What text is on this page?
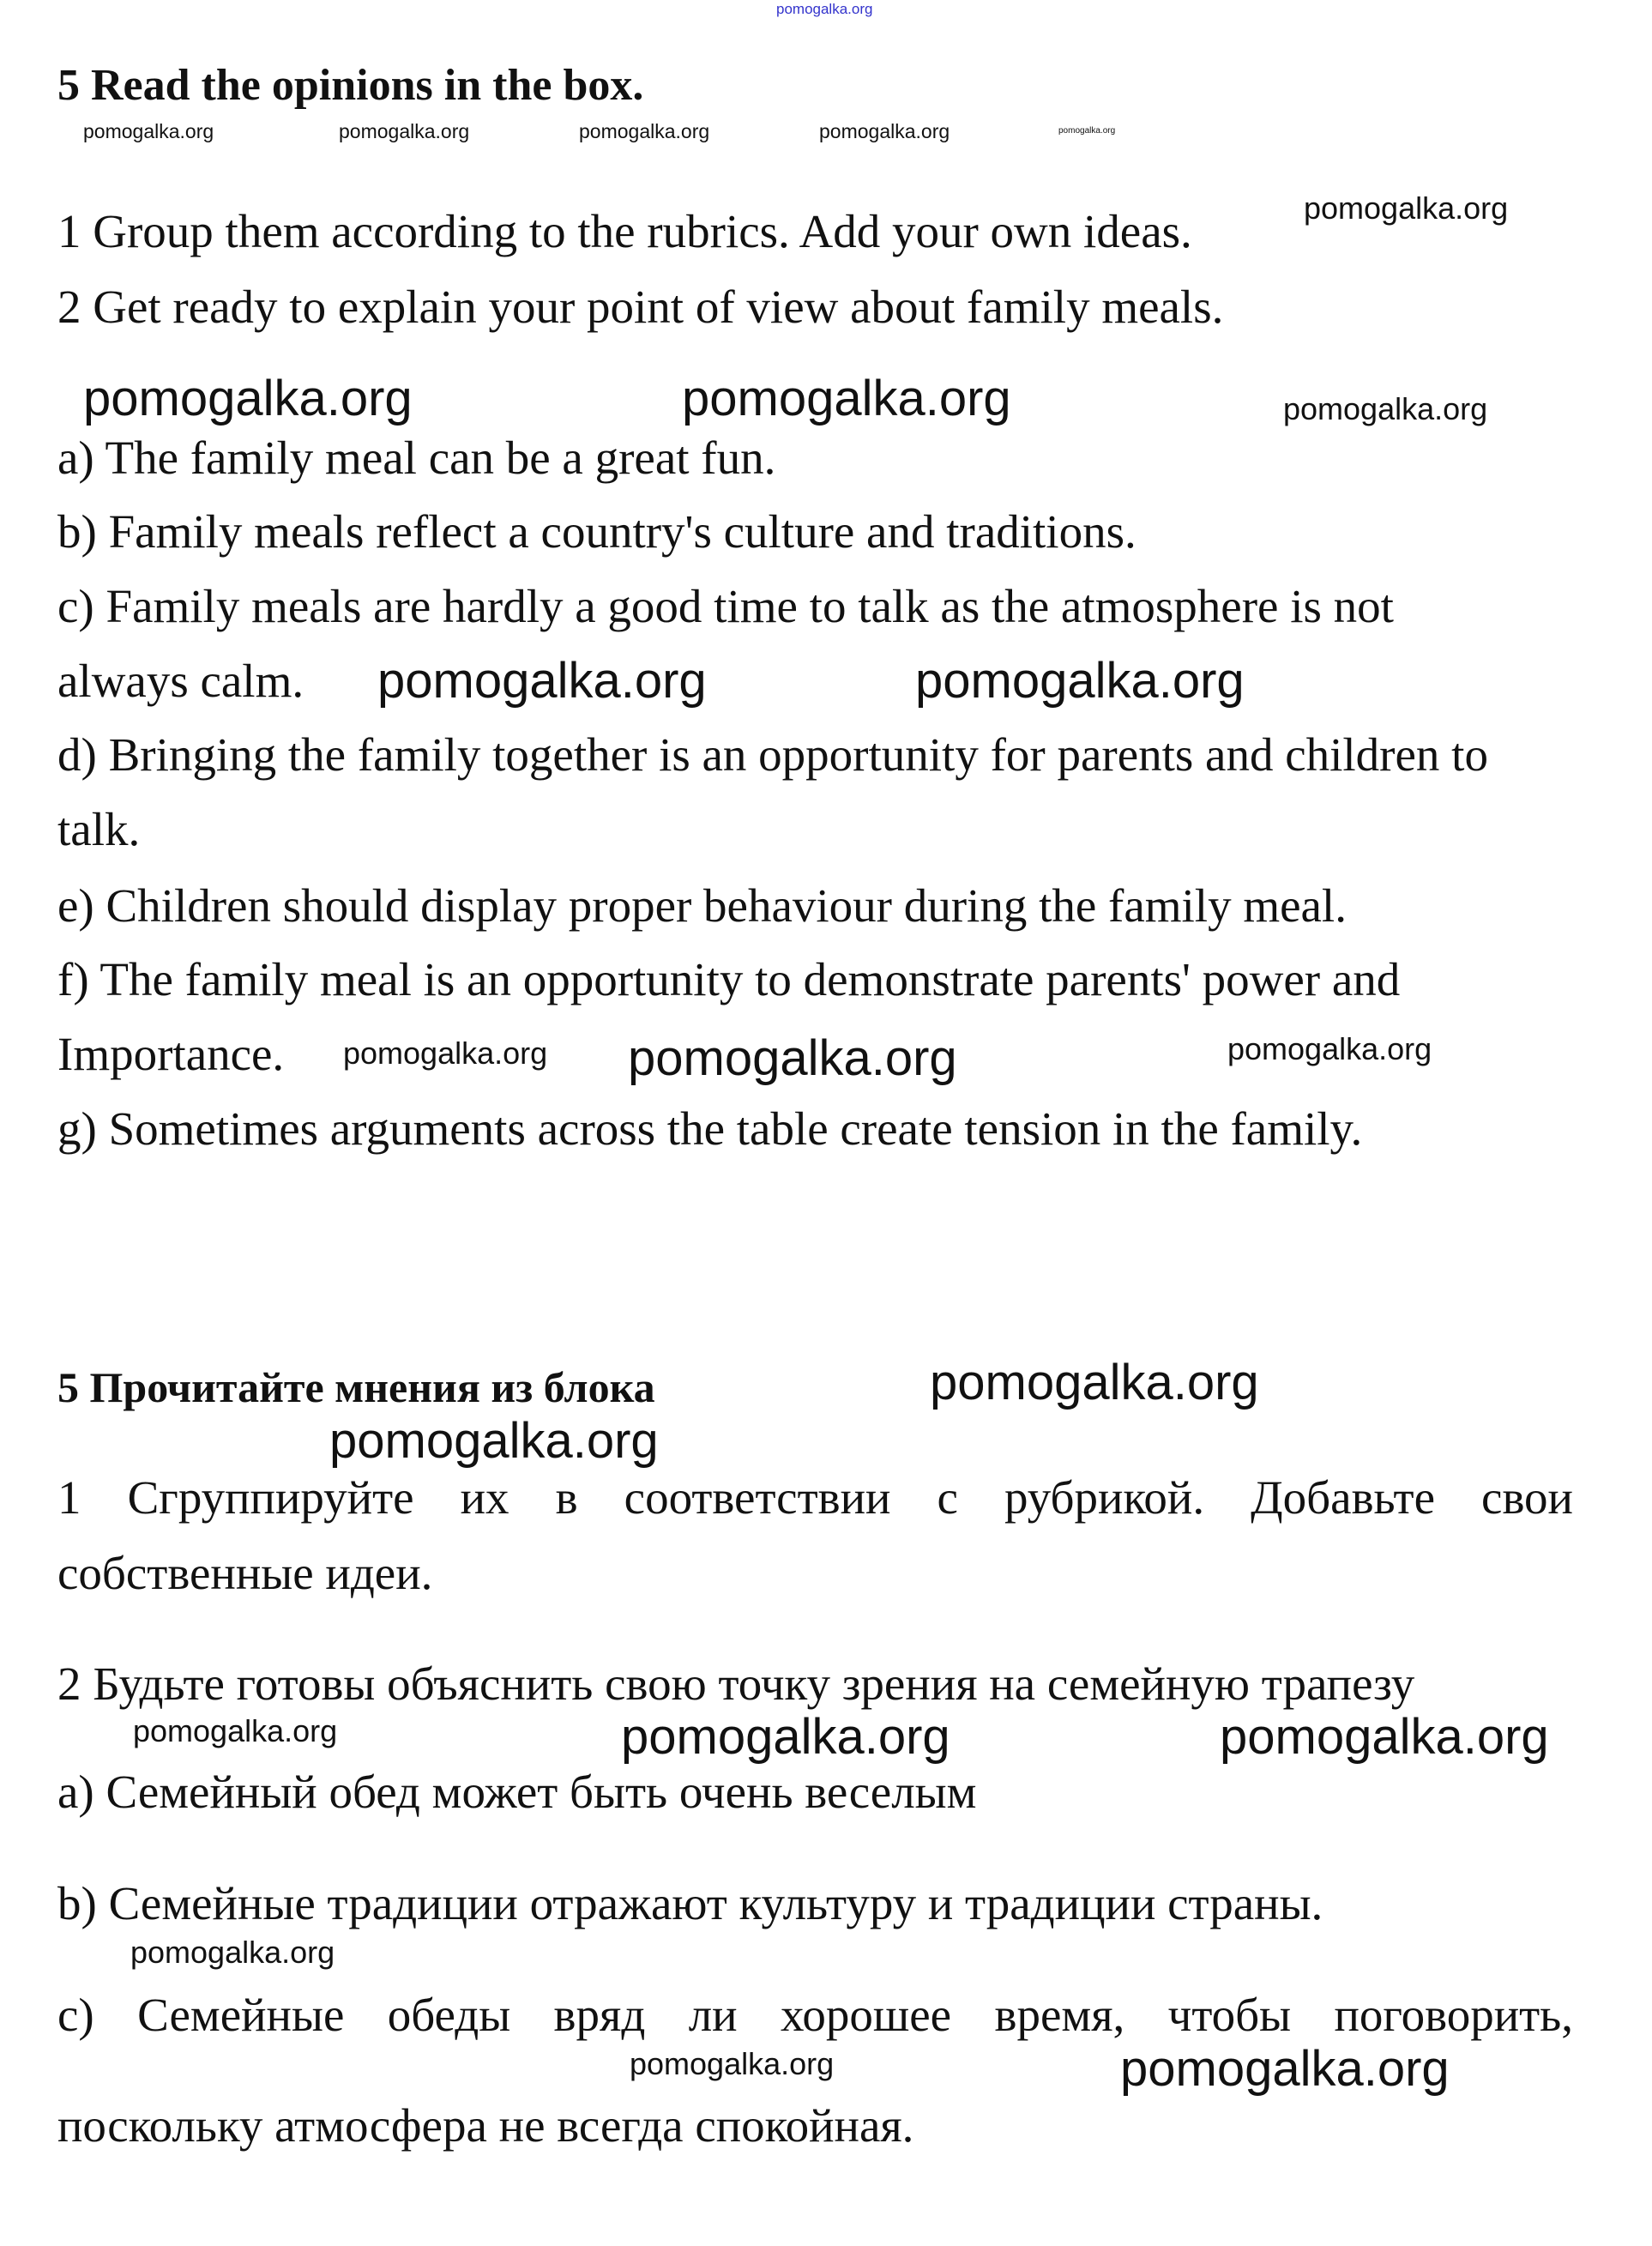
pomogalka.org
5 Read the opinions in the box.
1 Group them according to the rubrics. Add your own ideas.
2 Get ready to explain your point of view about family meals.
a) The family meal can be a great fun.
b) Family meals reflect a country's culture and traditions.
c) Family meals are hardly a good time to talk as the atmosphere is not
always calm.
d) Bringing the family together is an opportunity for parents and children to
talk.
e) Children should display proper behaviour during the family meal.
f) The family meal is an opportunity to demonstrate parents' power and
Importance.
g) Sometimes arguments across the table create tension in the family.
5 Прочитайте мнения из блока
1 Сгруппируйте их в соответствии с рубрикой. Добавьте свои
собственные идеи.
2 Будьте готовы объяснить свою точку зрения на семейную трапезу
a) Семейный обед может быть очень веселым
b) Семейные традиции отражают культуру и традиции страны.
c) Семейные обеды вряд ли хорошее время, чтобы поговорить,
поскольку атмосфера не всегда спокойная.
pomogalka.org	pomogalka.org	pomogalka.org	pomogalka.org	pomogalka.org
pomogalka.org
pomogalka.org	pomogalka.org	pomogalka.org
pomogalka.org	pomogalka.org
pomogalka.org
pomogalka.org pomogalka.org
pomogalka.org
pomogalka.org
pomogalka.org	pomogalka.org	pomogalka.org
pomogalka.org
pomogalka.org	pomogalka.org
